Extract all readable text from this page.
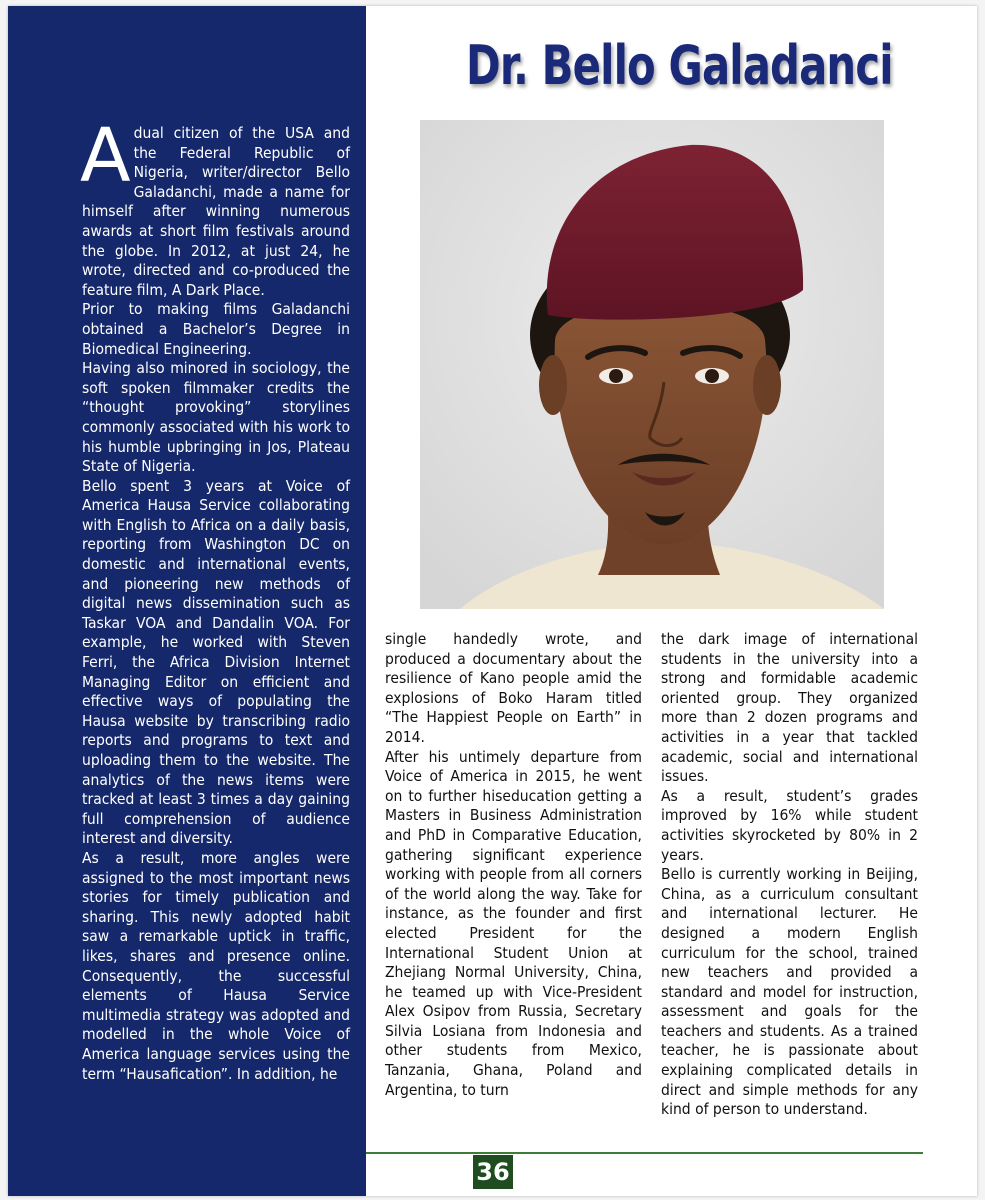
Adual citizen of the USA and the Federal Republic of Nigeria, writer/director Bello Galadanchi, made a name for himself after winning numerous awards at short film festivals around the globe. In 2012, at just 24, he wrote, directed and co-produced the feature film, A Dark Place.

Prior to making films Galadanchi obtained a Bachelor’s Degree in Biomedical Engineering.

Having also minored in sociology, the soft spoken filmmaker credits the “thought provoking” storylines commonly associated with his work to his humble upbringing in Jos, Plateau State of Nigeria.

Bello spent 3 years at Voice of America Hausa Service collaborating with English to Africa on a daily basis, reporting from Washington DC on domestic and international events, and pioneering new methods of digital news dissemination such as Taskar VOA and Dandalin VOA. For example, he worked with Steven Ferri, the Africa Division Internet Managing Editor on efficient and effective ways of populating the Hausa website by transcribing radio reports and programs to text and uploading them to the website. The analytics of the news items were tracked at least 3 times a day gaining full comprehension of audience interest and diversity.

As a result, more angles were assigned to the most important news stories for timely publication and sharing. This newly adopted habit saw a remarkable uptick in traffic, likes, shares and presence online. Consequently, the successful elements of Hausa Service multimedia strategy was adopted and modelled in the whole Voice of America language services using the term “Hausafication”. In addition, he

Dr. Bello Galadanci

single handedly wrote, and produced a documentary about the resilience of Kano people amid the explosions of Boko Haram titled “The Happiest People on Earth” in 2014.

After his untimely departure from Voice of America in 2015, he went on to further hiseducation getting a Masters in Business Administration and PhD in Comparative Education, gathering significant experience working with people from all corners of the world along the way. Take for instance, as the founder and first elected President for the International Student Union at Zhejiang Normal University, China, he teamed up with Vice-President Alex Osipov from Russia, Secretary Silvia Losiana from Indonesia and other students from Mexico, Tanzania, Ghana, Poland and Argentina, to turn

the dark image of international students in the university into a strong and formidable academic oriented group. They organized more than 2 dozen programs and activities in a year that tackled academic, social and international issues.

As a result, student’s grades improved by 16% while student activities skyrocketed by 80% in 2 years.

Bello is currently working in Beijing, China, as a curriculum consultant and international lecturer. He designed a modern English curriculum for the school, trained new teachers and provided a standard and model for instruction, assessment and goals for the teachers and students. As a trained teacher, he is passionate about explaining complicated details in direct and simple methods for any kind of person to understand.

36
